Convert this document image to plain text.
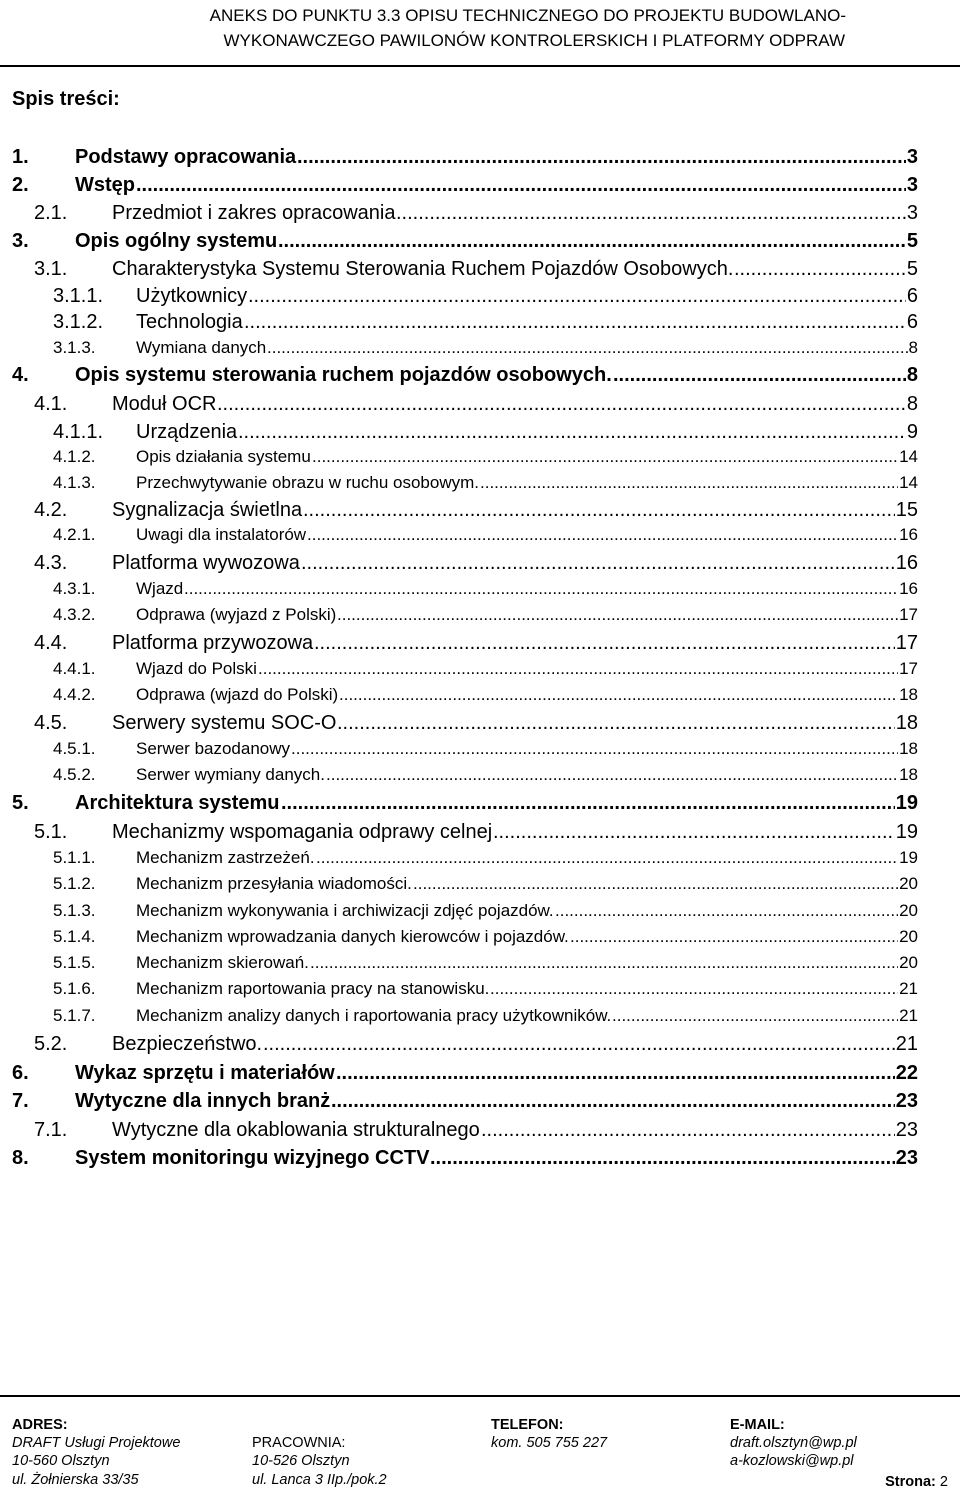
ANEKS DO PUNKTU 3.3 OPISU TECHNICZNEGO DO PROJEKTU BUDOWLANO-
WYKONAWCZEGO PAWILONÓW KONTROLERSKICH I PLATFORMY ODPRAW
Spis treści:
1. Podstawy opracowania .....	3
2. Wstęp .....	3
2.1. Przedmiot i zakres opracowania .....	3
3. Opis ogólny systemu .....	5
3.1. Charakterystyka Systemu Sterowania Ruchem Pojazdów Osobowych. .....	5
3.1.1. Użytkownicy .....	6
3.1.2. Technologia .....	6
3.1.3. Wymiana danych .....	8
4. Opis systemu sterowania ruchem pojazdów osobowych. .....	8
4.1. Moduł OCR .....	8
4.1.1. Urządzenia .....	9
4.1.2. Opis działania systemu .....	14
4.1.3. Przechwytywanie obrazu w ruchu osobowym. .....	14
4.2. Sygnalizacja świetlna .....	15
4.2.1. Uwagi dla instalatorów .....	16
4.3. Platforma wywozowa .....	16
4.3.1. Wjazd .....	16
4.3.2. Odprawa (wyjazd z Polski) .....	17
4.4. Platforma przywozowa .....	17
4.4.1. Wjazd do Polski .....	17
4.4.2. Odprawa (wjazd do Polski) .....	18
4.5. Serwery systemu SOC-O .....	18
4.5.1. Serwer bazodanowy .....	18
4.5.2. Serwer wymiany danych. .....	18
5. Architektura systemu .....	19
5.1. Mechanizmy wspomagania odprawy celnej .....	19
5.1.1. Mechanizm zastrzeżeń. .....	19
5.1.2. Mechanizm przesyłania wiadomości. .....	20
5.1.3. Mechanizm wykonywania i archiwizacji zdjęć pojazdów. .....	20
5.1.4. Mechanizm wprowadzania danych kierowców i pojazdów. .....	20
5.1.5. Mechanizm skierowań. .....	20
5.1.6. Mechanizm raportowania pracy na stanowisku. .....	21
5.1.7. Mechanizm analizy danych i raportowania pracy użytkowników. .....	21
5.2. Bezpieczeństwo. .....	21
6. Wykaz sprzętu i materiałów .....	22
7. Wytyczne dla innych branż .....	23
7.1. Wytyczne dla okablowania strukturalnego .....	23
8. System monitoringu wizyjnego CCTV .....	23
ADRES:
DRAFT Usługi Projektowe
10-560 Olsztyn
ul. Żołnierska 33/35
PRACOWNIA:
10-526 Olsztyn
ul. Lanca 3 IIp./pok.2
TELEFON:
kom. 505 755 227
E-MAIL:
draft.olsztyn@wp.pl
a-kozlowski@wp.pl
Strona: 2
